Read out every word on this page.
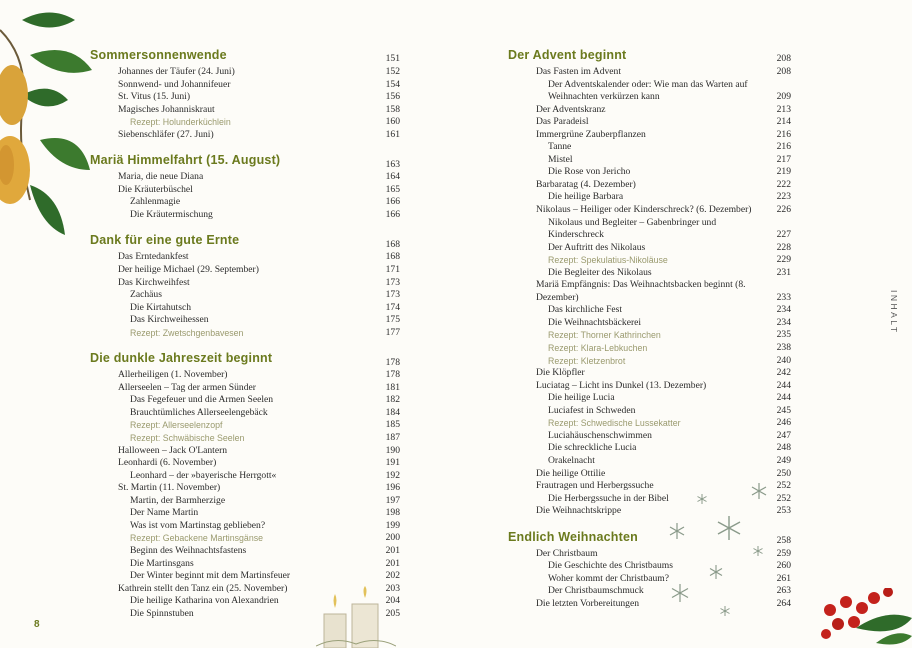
Sommersonnenwende	151
Johannes der Täufer (24. Juni)	152
Sonnwend- und Johannifeuer	154
St. Vitus (15. Juni)	156
Magisches Johanniskraut	158
Rezept: Holunderküchlein	160
Siebenschläfer (27. Juni)	161
Mariä Himmelfahrt (15. August)	163
Maria, die neue Diana	164
Die Kräuterbüschel	165
Zahlenmagie	166
Die Kräutermischung	166
Dank für eine gute Ernte	168
Das Erntedankfest	168
Der heilige Michael (29. September)	171
Das Kirchweihfest	173
Zachäus	173
Die Kirtahutsch	174
Das Kirchweihessen	175
Rezept: Zwetschgenbavesen	177
Die dunkle Jahreszeit beginnt	178
Allerheiligen (1. November)	178
Allerseelen – Tag der armen Sünder	181
Das Fegefeuer und die Armen Seelen	182
Brauchtümliches Allerseelengebäck	184
Rezept: Allerseelenzopf	185
Rezept: Schwäbische Seelen	187
Halloween – Jack O'Lantern	190
Leonhardi (6. November)	191
Leonhard – der »bayerische Herrgott«	192
St. Martin (11. November)	196
Martin, der Barmherzige	197
Der Name Martin	198
Was ist vom Martinstag geblieben?	199
Rezept: Gebackene Martinsgänse	200
Beginn des Weihnachtsfastens	201
Die Martinsgans	201
Der Winter beginnt mit dem Martinsfeuer	202
Kathrein stellt den Tanz ein (25. November)	203
Die heilige Katharina von Alexandrien	204
Die Spinnstuben	205
Der Advent beginnt	208
Das Fasten im Advent	208
Der Adventskalender oder: Wie man das Warten auf Weihnachten verkürzen kann	209
Der Adventskranz	213
Das Paradeisl	214
Immergrüne Zauberpflanzen	216
Tanne	216
Mistel	217
Die Rose von Jericho	219
Barbaratag (4. Dezember)	222
Die heilige Barbara	223
Nikolaus – Heiliger oder Kinderschreck? (6. Dezember)	226
Nikolaus und Begleiter – Gabenbringer und Kinderschreck	227
Der Auftritt des Nikolaus	228
Rezept: Spekulatius-Nikoläuse	229
Die Begleiter des Nikolaus	231
Mariä Empfängnis: Das Weihnachtsbacken beginnt (8. Dezember)	233
Das kirchliche Fest	234
Die Weihnachtsbäckerei	234
Rezept: Thorner Kathrinchen	235
Rezept: Klara-Lebkuchen	238
Rezept: Kletzenbrot	240
Die Klöpfler	242
Luciatag – Licht ins Dunkel (13. Dezember)	244
Die heilige Lucia	244
Luciafest in Schweden	245
Rezept: Schwedische Lussekatter	246
Luciahäuschenschwimmen	247
Die schreckliche Lucia	248
Orakelnacht	249
Die heilige Ottilie	250
Frautragen und Herbergssuche	252
Die Herbergssuche in der Bibel	252
Die Weihnachtskrippe	253
Endlich Weihnachten	258
Der Christbaum	259
Die Geschichte des Christbaums	260
Woher kommt der Christbaum?	261
Der Christbaumschmuck	263
Die letzten Vorbereitungen	264
8
INHALT
